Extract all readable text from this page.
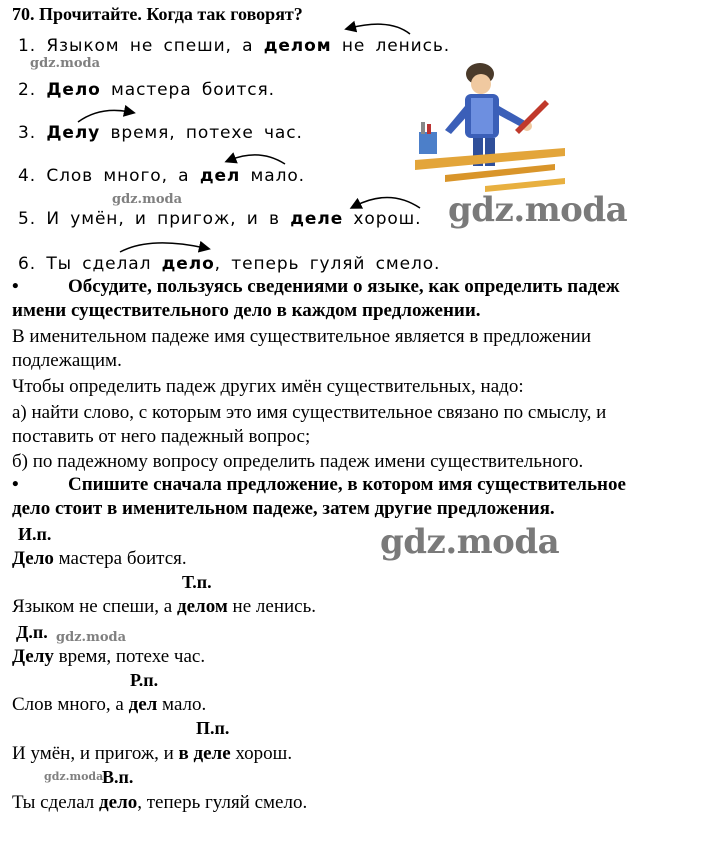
70. Прочитайте. Когда так говорят?
1. Языком не спеши, а делом не ленись.
2. Дело мастера боится.
3. Делу время, потехе час.
4. Слов много, а дел мало.
5. И умён, и пригож, и в деле хорош.
6. Ты сделал дело, теперь гуляй смело.
gdz.moda
gdz.moda	gdz.moda
•	Обсудите, пользуясь сведениями о языке, как определить падеж
имени существительного дело в каждом предложении.
В именительном падеже имя существительное является в предложении
подлежащим.
Чтобы определить падеж других имён существительных, надо:
а) найти слово, с которым это имя существительное связано по смыслу, и
поставить от него падежный вопрос;
б) по падежному вопросу определить падеж имени существительного.
•	Спишите сначала предложение, в котором имя существительное
дело стоит в именительном падеже, затем другие предложения.
И.п.	gdz.moda
Дело мастера боится.
Т.п.
Языком не спеши, а делом не ленись.
Д.п. gdz.moda
Делу время, потехе час.
Р.п.
Слов много, а дел мало.
П.п.
И умён, и пригож, и в деле хорош.
gdz.moda
В.п.
Ты сделал дело, теперь гуляй смело.
